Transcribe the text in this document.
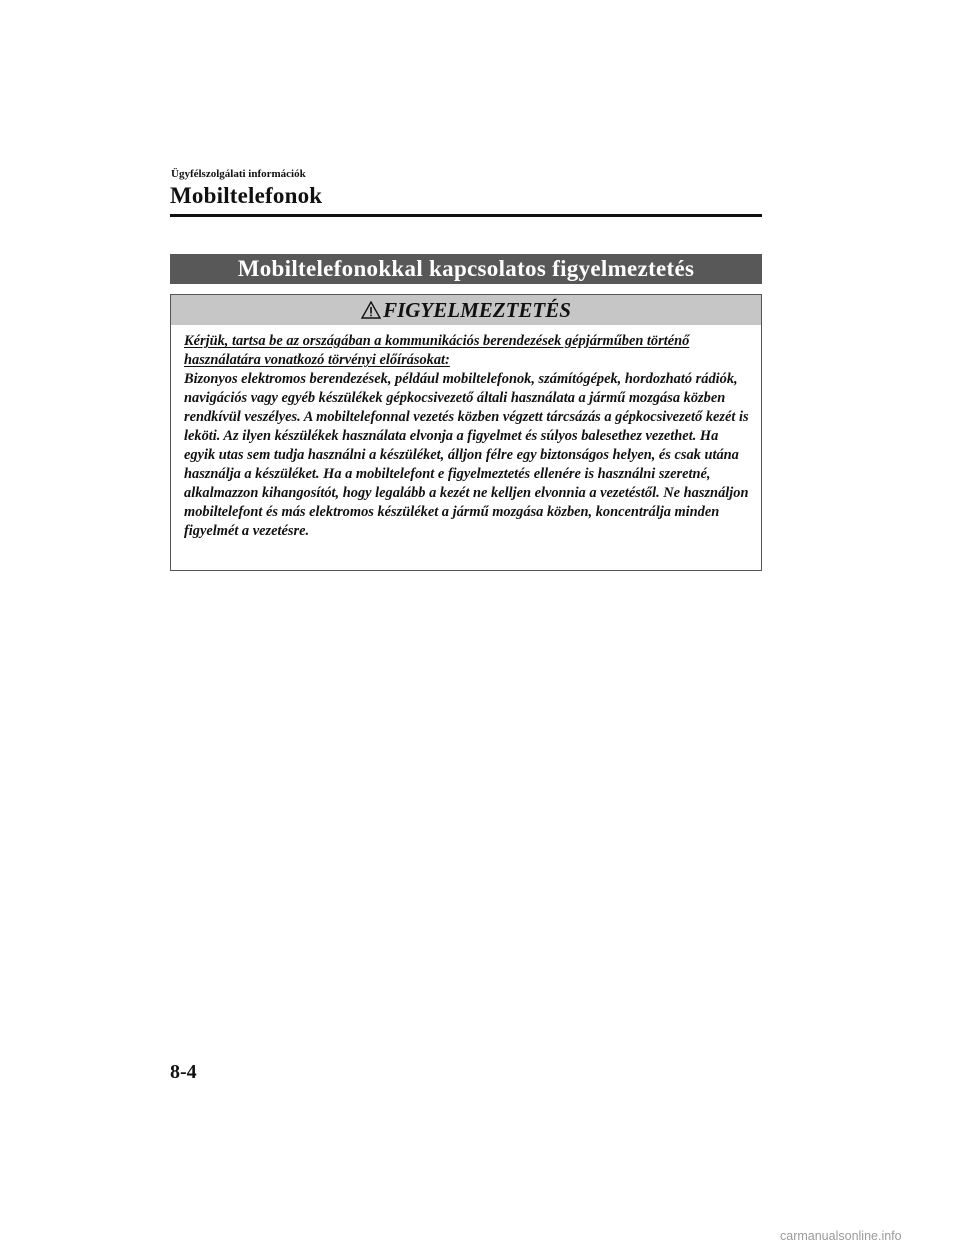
Ügyfélszolgálati információk

Mobiltelefonok
Mobiltelefonokkal kapcsolatos figyelmeztetés
FIGYELMEZTETÉS

Kérjük, tartsa be az országában a kommunikációs berendezések gépjárműben történő használatára vonatkozó törvényi előírásokat:

Bizonyos elektromos berendezések, például mobiltelefonok, számítógépek, hordozható rádiók, navigációs vagy egyéb készülékek gépkocsivezető általi használata a jármű mozgása közben rendkívül veszélyes. A mobiltelefonnal vezetés közben végzett tárcsázás a gépkocsivezető kezét is leköti. Az ilyen készülékek használata elvonja a figyelmet és súlyos balesethez vezethet. Ha egyik utas sem tudja használni a készüléket, álljon félre egy biztonságos helyen, és csak utána használja a készüléket. Ha a mobiltelefont e figyelmeztetés ellenére is használni szeretné, alkalmazzon kihangosítót, hogy legalább a kezét ne kelljen elvonnia a vezetéstől. Ne használjon mobiltelefont és más elektromos készüléket a jármű mozgása közben, koncentrálja minden figyelmét a vezetésre.

8-4

carmanualsonline.info
